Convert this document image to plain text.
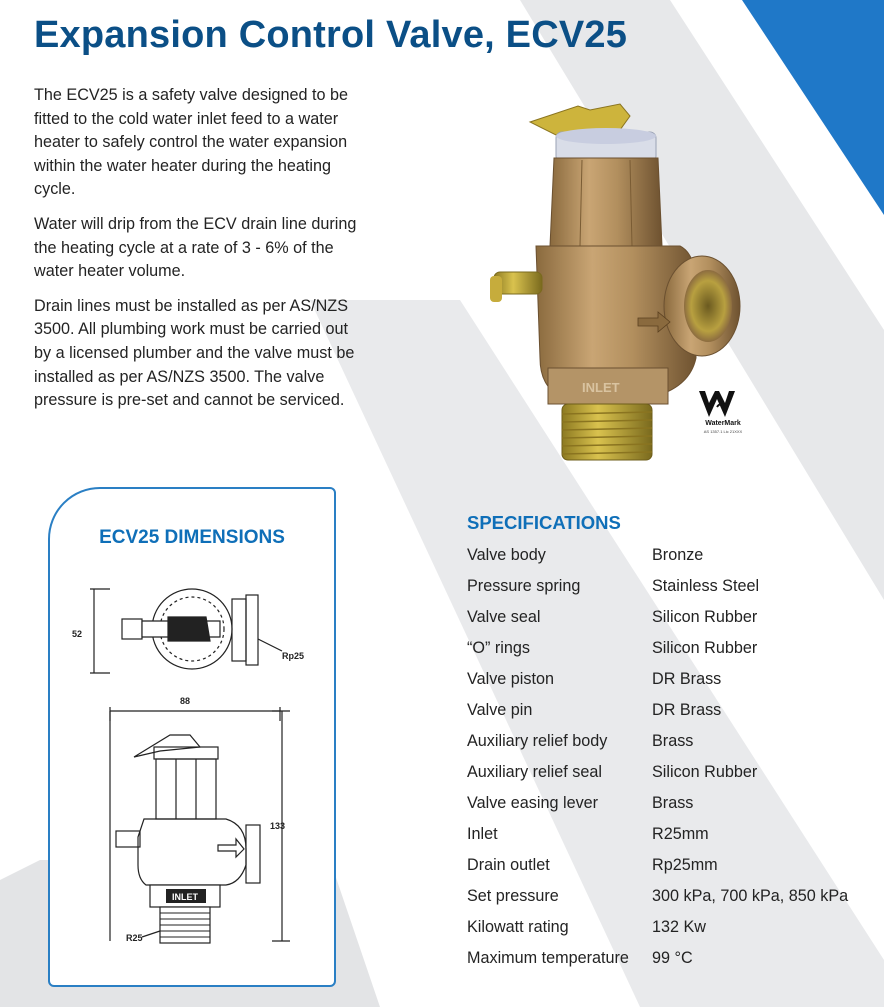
Expansion Control Valve, ECV25

The ECV25 is a safety valve designed to be fitted to the cold water inlet feed to a water heater to safely control the water expansion within the water heater during the heating cycle.

Water will drip from the ECV drain line during the heating cycle at a rate of 3 - 6% of the water heater volume.

Drain lines must be installed as per AS/NZS 3500. All plumbing work must be carried out by a licensed plumber and the valve must be installed as per AS/NZS 3500. The valve pressure is pre-set and cannot be serviced.

INLET
WaterMark
AS 1357.1 Lic 21XXX
ECV25 DIMENSIONS
INLET
52
Rp25
88
133
R25
SPECIFICATIONS
Valve body	Bronze
Pressure spring	Stainless Steel
Valve seal	Silicon Rubber
“O” rings	Silicon Rubber
Valve piston	DR Brass
Valve pin	DR Brass
Auxiliary relief body	Brass
Auxiliary relief seal	Silicon Rubber
Valve easing lever	Brass
Inlet	R25mm
Drain outlet	Rp25mm
Set pressure	300 kPa, 700 kPa, 850 kPa
Kilowatt rating	132 Kw
Maximum temperature	99 °C
